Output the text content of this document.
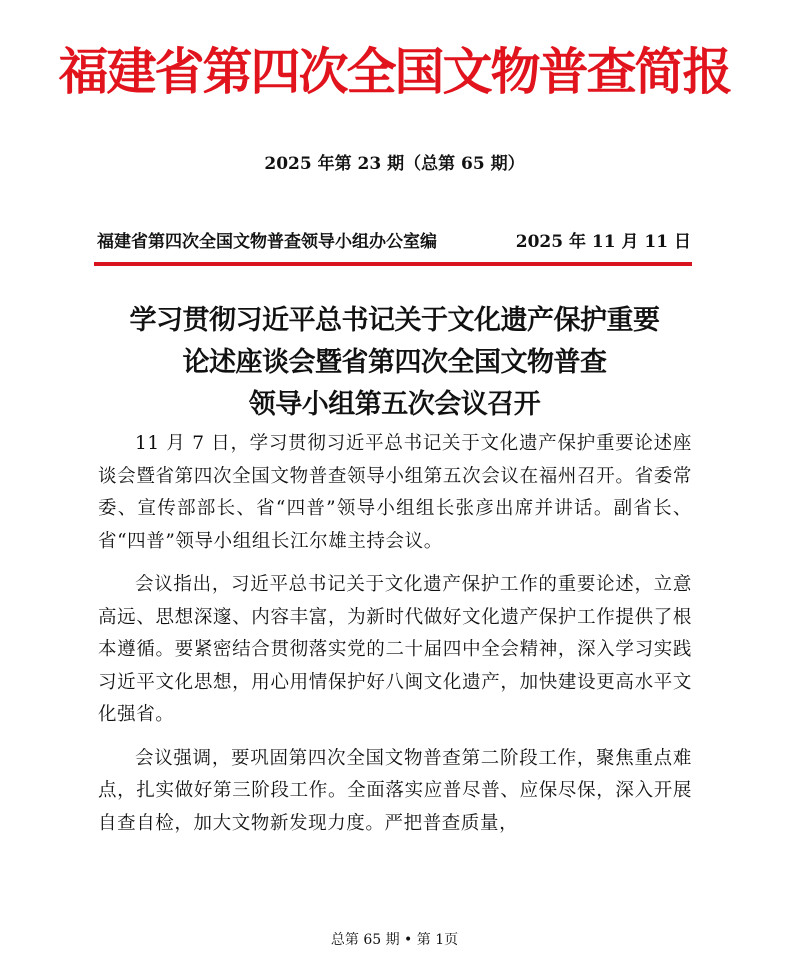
福建省第四次全国文物普查简报
2025 年第 23 期（总第 65 期）
福建省第四次全国文物普查领导小组办公室编	2025 年 11 月 11 日
学习贯彻习近平总书记关于文化遗产保护重要
论述座谈会暨省第四次全国文物普查
领导小组第五次会议召开

11 月 7 日，学习贯彻习近平总书记关于文化遗产保护重要论述座谈会暨省第四次全国文物普查领导小组第五次会议在福州召开。省委常委、宣传部部长、省“四普”领导小组组长张彦出席并讲话。副省长、省“四普”领导小组组长江尔雄主持会议。

会议指出，习近平总书记关于文化遗产保护工作的重要论述，立意高远、思想深邃、内容丰富，为新时代做好文化遗产保护工作提供了根本遵循。要紧密结合贯彻落实党的二十届四中全会精神，深入学习实践习近平文化思想，用心用情保护好八闽文化遗产，加快建设更高水平文化强省。

会议强调，要巩固第四次全国文物普查第二阶段工作，聚焦重点难点，扎实做好第三阶段工作。全面落实应普尽普、应保尽保，深入开展自查自检，加大文物新发现力度。严把普查质量，

总第 65 期 • 第 1页
